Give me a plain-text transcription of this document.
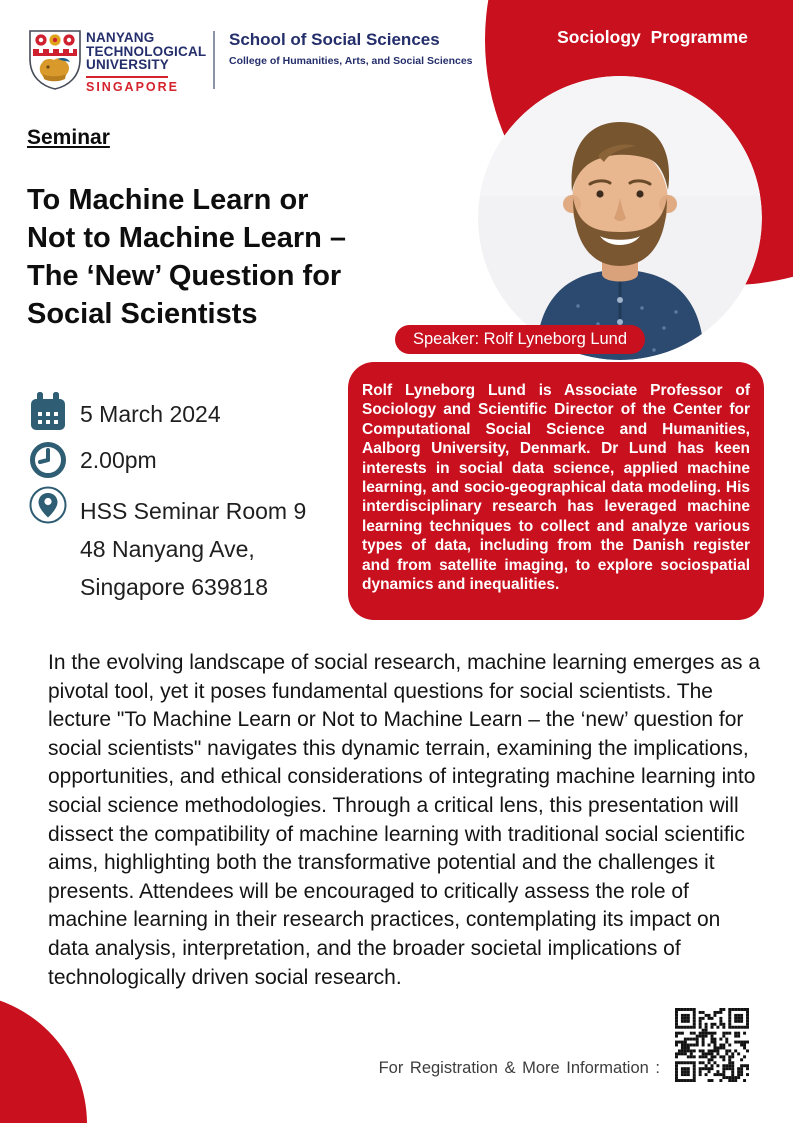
Sociology Programme
NANYANG
TECHNOLOGICAL
UNIVERSITY
SINGAPORE
School of Social Sciences
College of Humanities, Arts, and Social Sciences
Seminar
To Machine Learn or
Not to Machine Learn –
The ‘New’ Question for
Social Scientists
Speaker: Rolf Lyneborg Lund
Rolf Lyneborg Lund is Associate Professor of Sociology and Scientific Director of the Center for Computational Social Science and Humanities, Aalborg University, Denmark. Dr Lund has keen interests in social data science, applied machine learning, and socio-geographical data modeling. His interdisciplinary research has leveraged machine learning techniques to collect and analyze various types of data, including from the Danish register and from satellite imaging, to explore sociospatial dynamics and inequalities.
5 March 2024
2.00pm
HSS Seminar Room 9
48 Nanyang Ave,
Singapore 639818
In the evolving landscape of social research, machine learning emerges as a pivotal tool, yet it poses fundamental questions for social scientists. The lecture "To Machine Learn or Not to Machine Learn – the ‘new’ question for social scientists" navigates this dynamic terrain, examining the implications, opportunities, and ethical considerations of integrating machine learning into social science methodologies. Through a critical lens, this presentation will dissect the compatibility of machine learning with traditional social scientific aims, highlighting both the transformative potential and the challenges it presents. Attendees will be encouraged to critically assess the role of machine learning in their research practices, contemplating its impact on data analysis, interpretation, and the broader societal implications of technologically driven social research.
For Registration & More Information :
